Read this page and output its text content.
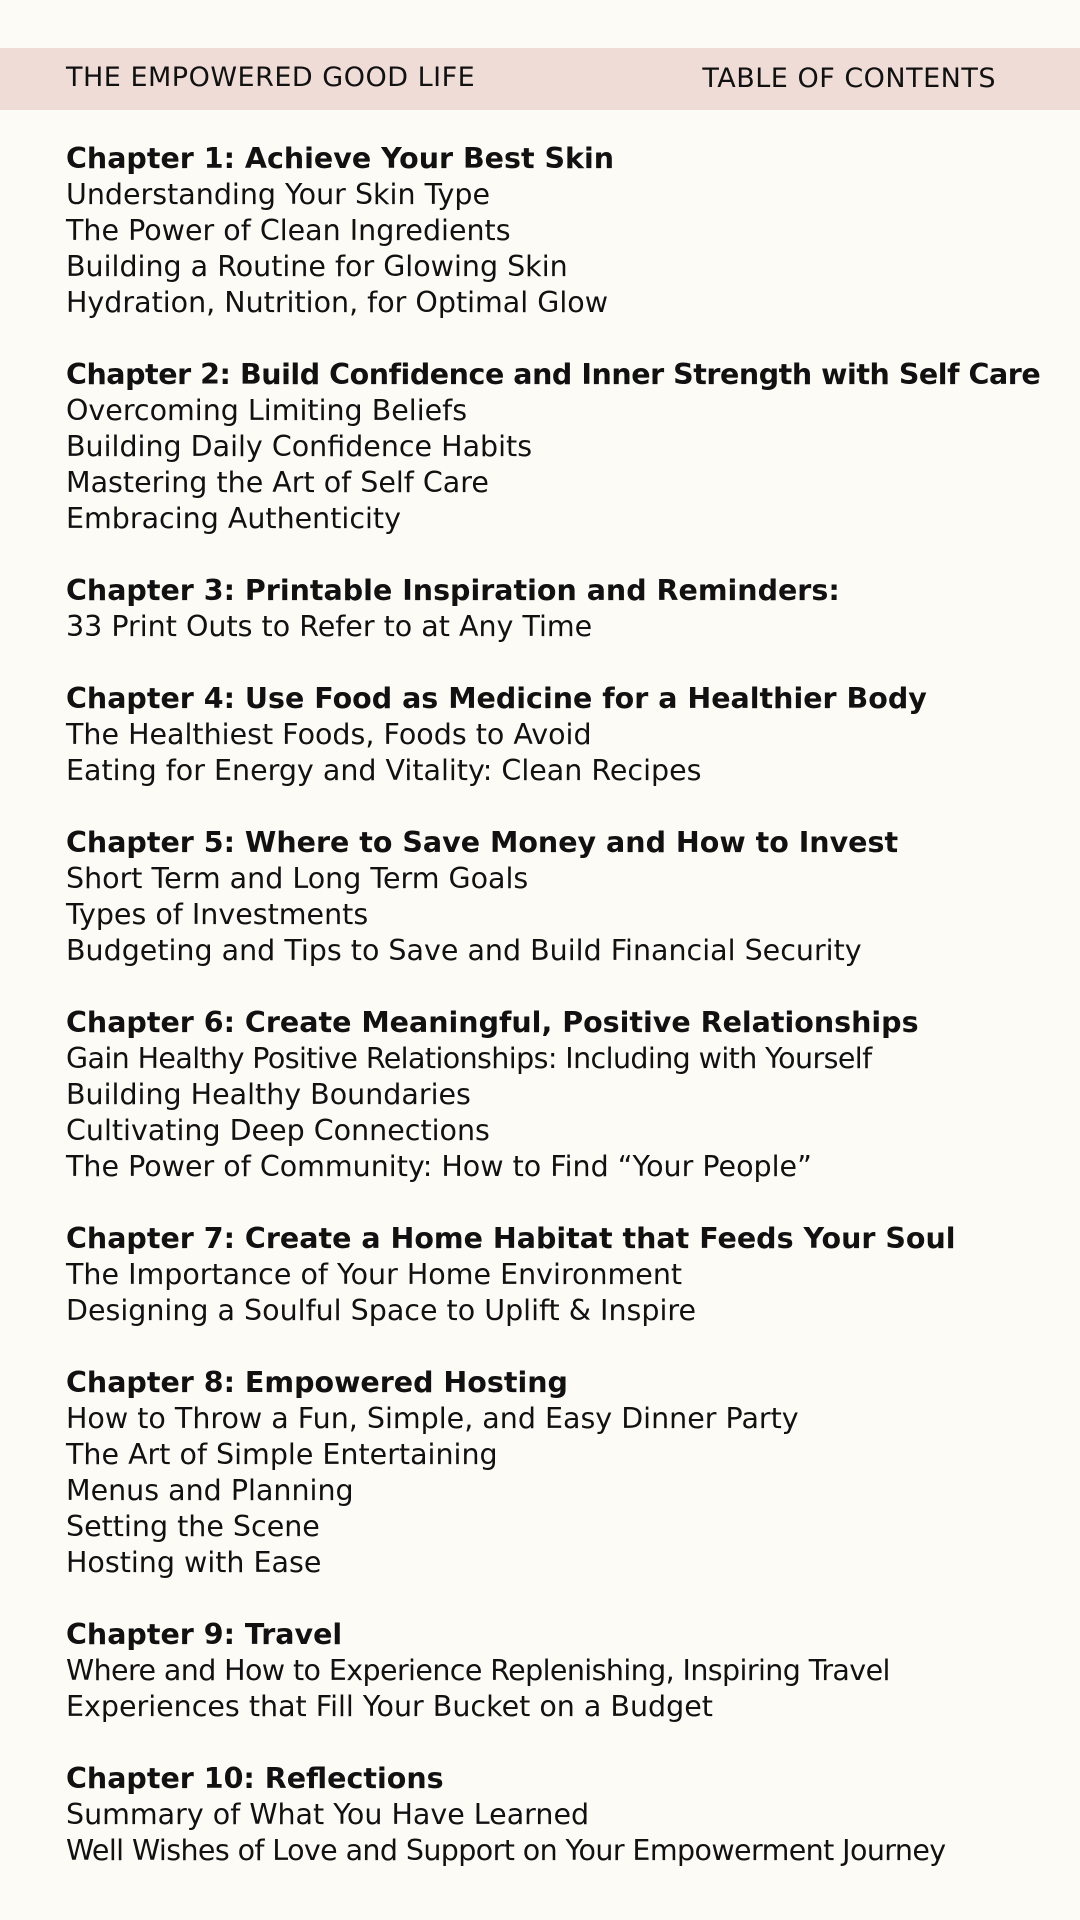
THE EMPOWERED GOOD LIFE	TABLE OF CONTENTS
Chapter 1: Achieve Your Best Skin
Understanding Your Skin Type
The Power of Clean Ingredients
Building a Routine for Glowing Skin
Hydration, Nutrition, for Optimal Glow
Chapter 2: Build Confidence and Inner Strength with Self Care
Overcoming Limiting Beliefs
Building Daily Confidence Habits
Mastering the Art of Self Care
Embracing Authenticity
Chapter 3: Printable Inspiration and Reminders:
33 Print Outs to Refer to at Any Time
Chapter 4: Use Food as Medicine for a Healthier Body
The Healthiest Foods, Foods to Avoid
Eating for Energy and Vitality: Clean Recipes
Chapter 5: Where to Save Money and How to Invest
Short Term and Long Term Goals
Types of Investments
Budgeting and Tips to Save and Build Financial Security
Chapter 6: Create Meaningful, Positive Relationships
Gain Healthy Positive Relationships: Including with Yourself
Building Healthy Boundaries
Cultivating Deep Connections
The Power of Community: How to Find “Your People”
Chapter 7: Create a Home Habitat that Feeds Your Soul
The Importance of Your Home Environment
Designing a Soulful Space to Uplift & Inspire
Chapter 8: Empowered Hosting
How to Throw a Fun, Simple, and Easy Dinner Party
The Art of Simple Entertaining
Menus and Planning
Setting the Scene
Hosting with Ease
Chapter 9: Travel
Where and How to Experience Replenishing, Inspiring Travel
Experiences that Fill Your Bucket on a Budget
Chapter 10: Reflections
Summary of What You Have Learned
Well Wishes of Love and Support on Your Empowerment Journey
